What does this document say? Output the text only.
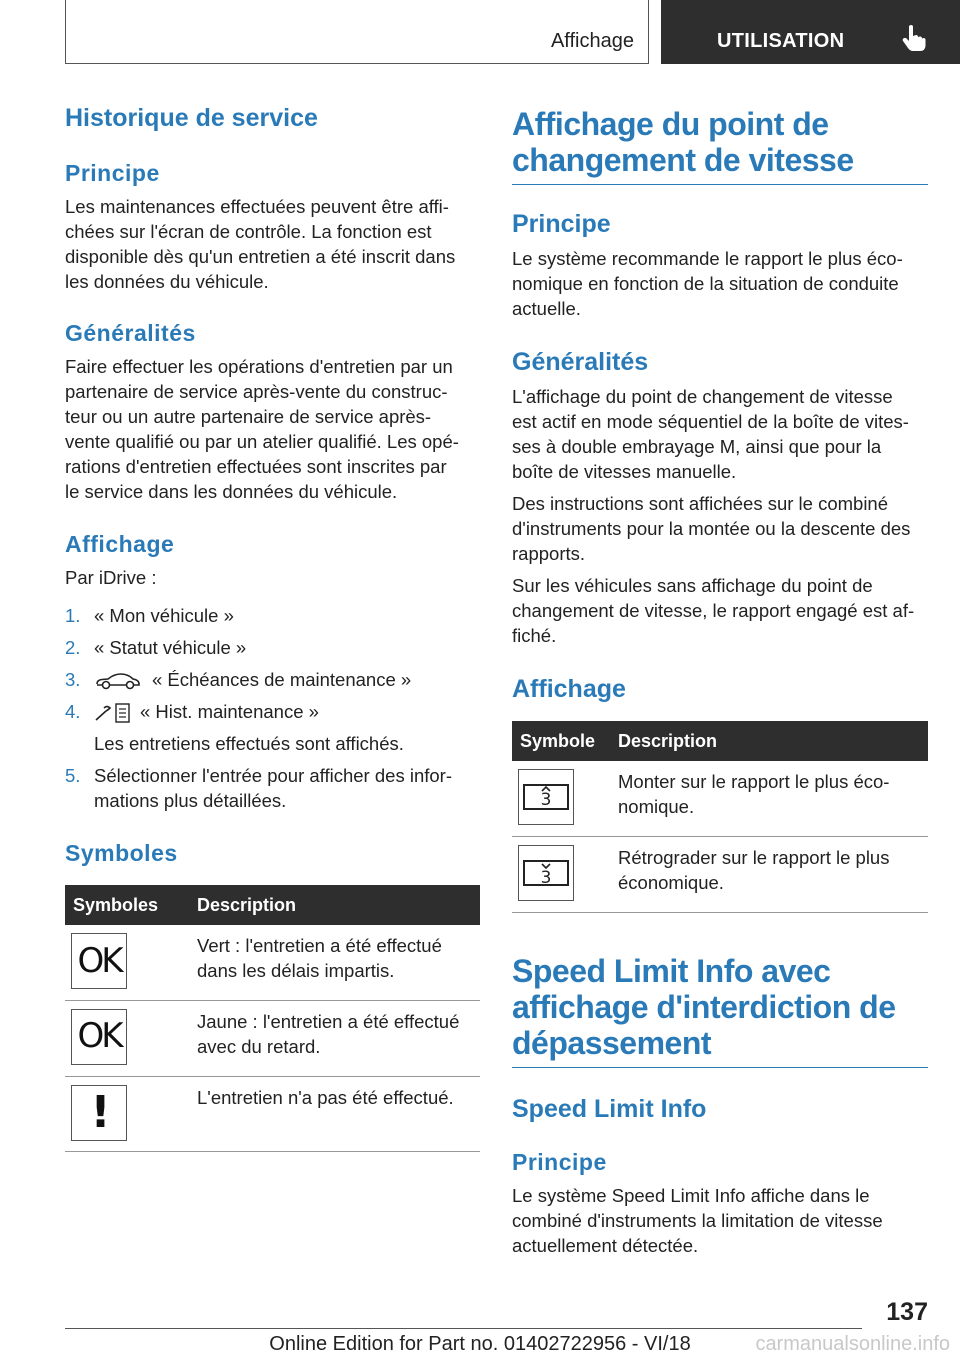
Affichage	UTILISATION
Historique de service
Principe
Les maintenances effectuées peuvent être affi‐
chées sur l'écran de contrôle. La fonction est
disponible dès qu'un entretien a été inscrit dans
les données du véhicule.
Généralités
Faire effectuer les opérations d'entretien par un
partenaire de service après-vente du construc‐
teur ou un autre partenaire de service après-
vente qualifié ou par un atelier qualifié. Les opé‐
rations d'entretien effectuées sont inscrites par
le service dans les données du véhicule.
Affichage
Par iDrive :
1. « Mon véhicule »
2. « Statut véhicule »
3.	« Échéances de maintenance »
4.	« Hist. maintenance »
Les entretiens effectués sont affichés.
5. Sélectionner l'entrée pour afficher des infor‐
mations plus détaillées.
Symboles
Symboles	Description

OK	Vert : l'entretien a été effectué
dans les délais impartis.

OK	Jaune : l'entretien a été effectué
avec du retard.

!	L'entretien n'a pas été effectué.
Affichage du point de
changement de vitesse
Principe
Le système recommande le rapport le plus éco‐
nomique en fonction de la situation de conduite
actuelle.
Généralités
L'affichage du point de changement de vitesse
est actif en mode séquentiel de la boîte de vites‐
ses à double embrayage M, ainsi que pour la
boîte de vitesses manuelle.
Des instructions sont affichées sur le combiné
d'instruments pour la montée ou la descente des
rapports.
Sur les véhicules sans affichage du point de
changement de vitesse, le rapport engagé est af‐
fiché.
Affichage
Symbole	Description

3	Monter sur le rapport le plus éco‐
nomique.

3	Rétrograder sur le rapport le plus
économique.
Speed Limit Info avec
affichage d'interdiction de
dépassement
Speed Limit Info
Principe
Le système Speed Limit Info affiche dans le
combiné d'instruments la limitation de vitesse
actuellement détectée.
137
Online Edition for Part no. 01402722956 - VI/18	carmanualsonline.info
